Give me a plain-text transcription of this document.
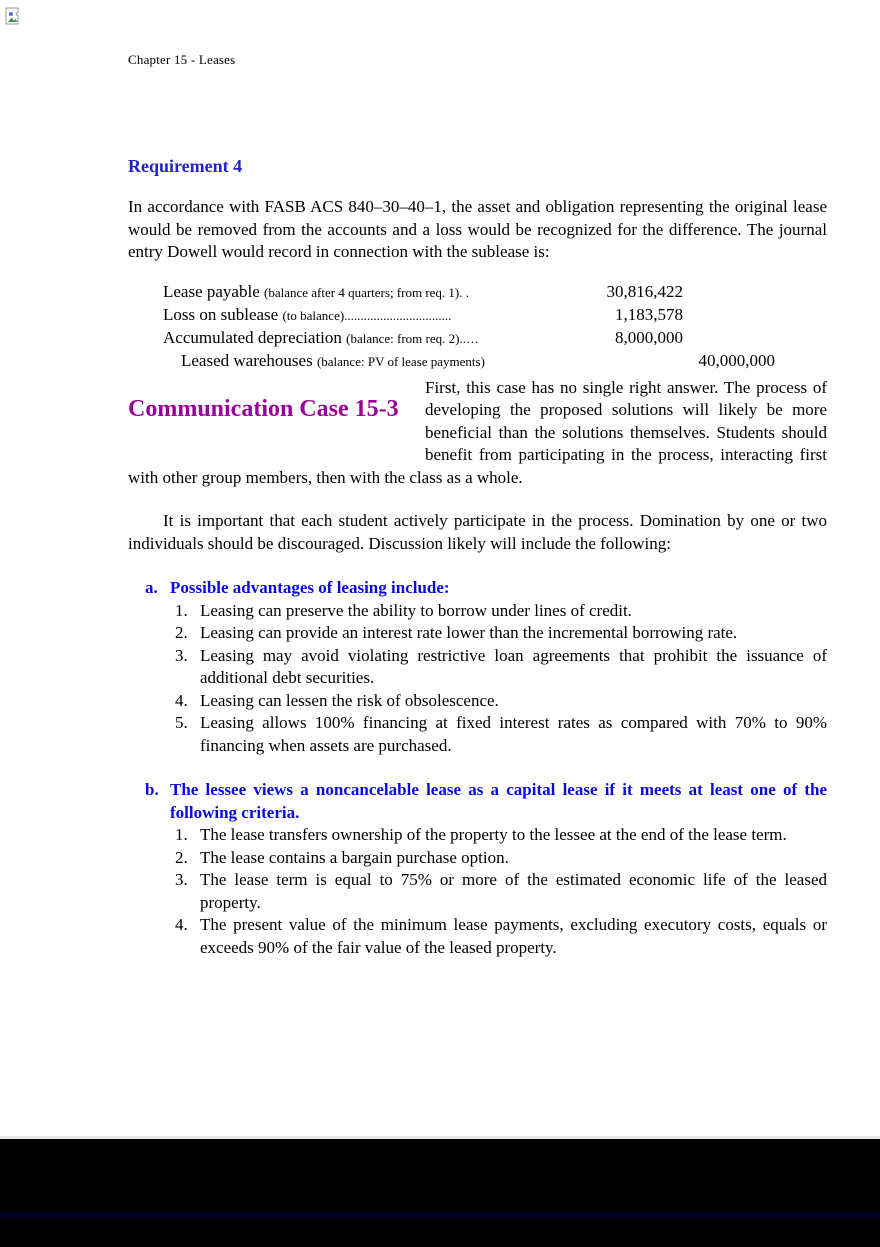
Chapter 15 - Leases
Requirement 4
In accordance with FASB ACS 840–30–40–1, the asset and obligation representing the original lease would be removed from the accounts and a loss would be recognized for the difference. The journal entry Dowell would record in connection with the sublease is:
Lease payable (balance after 4 quarters; from req. 1). .	30,816,422
Loss on sublease (to balance).................................	1,183,578
Accumulated depreciation (balance: from req. 2)..…	8,000,000
Leased warehouses (balance: PV of lease payments)	40,000,000
Communication Case 15-3
First, this case has no single right answer. The process of developing the proposed solutions will likely be more beneficial than the solutions themselves. Students should benefit from participating in the process, interacting first with other group members, then with the class as a whole.
It is important that each student actively participate in the process. Domination by one or two individuals should be discouraged. Discussion likely will include the following:
a. Possible advantages of leasing include:
1. Leasing can preserve the ability to borrow under lines of credit.
2. Leasing can provide an interest rate lower than the incremental borrowing rate.
3. Leasing may avoid violating restrictive loan agreements that prohibit the issuance of additional debt securities.
4. Leasing can lessen the risk of obsolescence.
5. Leasing allows 100% financing at fixed interest rates as compared with 70% to 90% financing when assets are purchased.
b. The lessee views a noncancelable lease as a capital lease if it meets at least one of the following criteria.
1. The lease transfers ownership of the property to the lessee at the end of the lease term.
2. The lease contains a bargain purchase option.
3. The lease term is equal to 75% or more of the estimated economic life of the leased property.
4. The present value of the minimum lease payments, excluding executory costs, equals or exceeds 90% of the fair value of the leased property.
